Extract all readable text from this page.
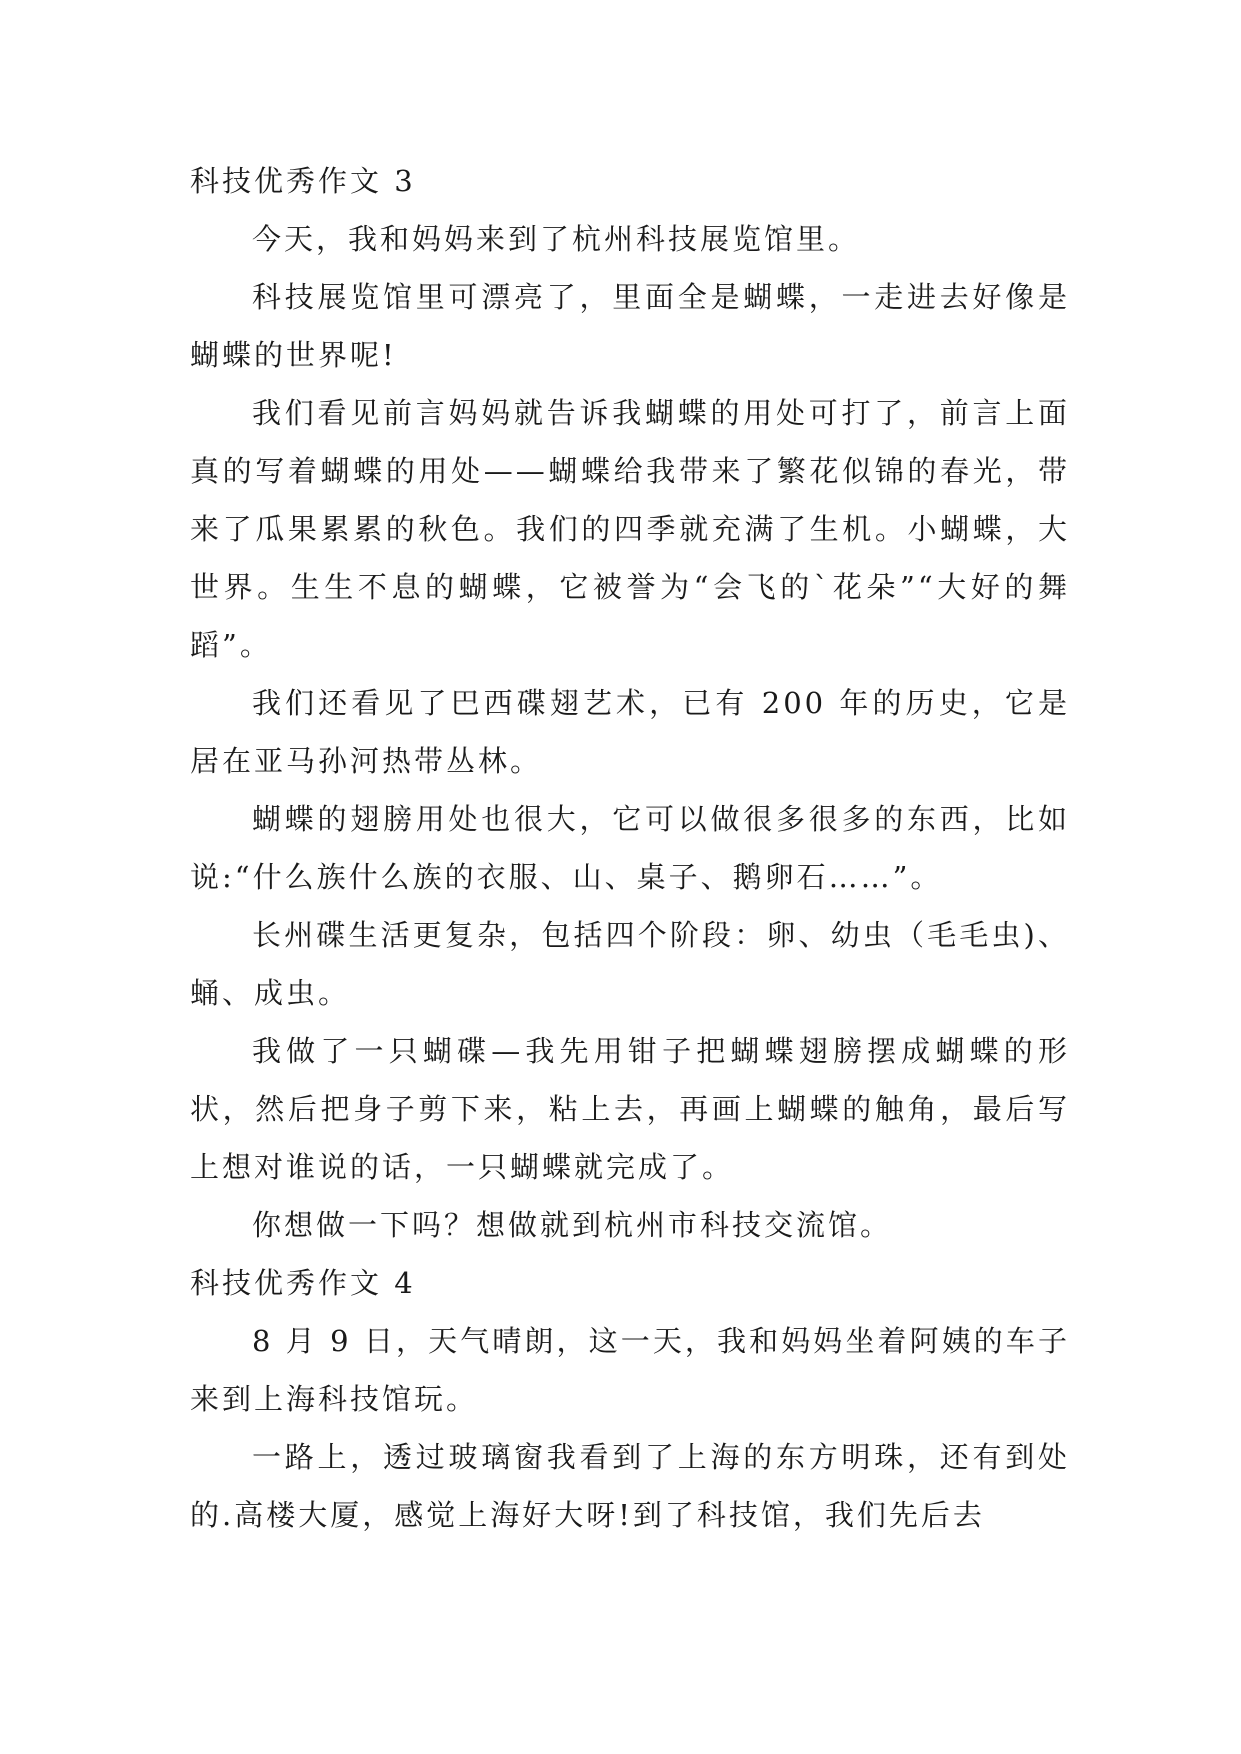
科技优秀作文 3

今天，我和妈妈来到了杭州科技展览馆里。

科技展览馆里可漂亮了，里面全是蝴蝶，一走进去好像是蝴蝶的世界呢!

我们看见前言妈妈就告诉我蝴蝶的用处可打了，前言上面真的写着蝴蝶的用处——蝴蝶给我带来了繁花似锦的春光，带来了瓜果累累的秋色。我们的四季就充满了生机。小蝴蝶，大世界。生生不息的蝴蝶，它被誉为“会飞的`花朵”“大好的舞蹈”。

我们还看见了巴西碟翅艺术，已有 200 年的历史，它是居在亚马孙河热带丛林。

蝴蝶的翅膀用处也很大，它可以做很多很多的东西，比如说:“什么族什么族的衣服、山、桌子、鹅卵石……”。

长州碟生活更复杂，包括四个阶段：卵、幼虫（毛毛虫)、蛹、成虫。

我做了一只蝴碟—我先用钳子把蝴蝶翅膀摆成蝴蝶的形状，然后把身子剪下来，粘上去，再画上蝴蝶的触角，最后写上想对谁说的话，一只蝴蝶就完成了。

你想做一下吗？想做就到杭州市科技交流馆。

科技优秀作文 4

8 月 9 日，天气晴朗，这一天，我和妈妈坐着阿姨的车子来到上海科技馆玩。

一路上，透过玻璃窗我看到了上海的东方明珠，还有到处的.高楼大厦，感觉上海好大呀!到了科技馆，我们先后去
